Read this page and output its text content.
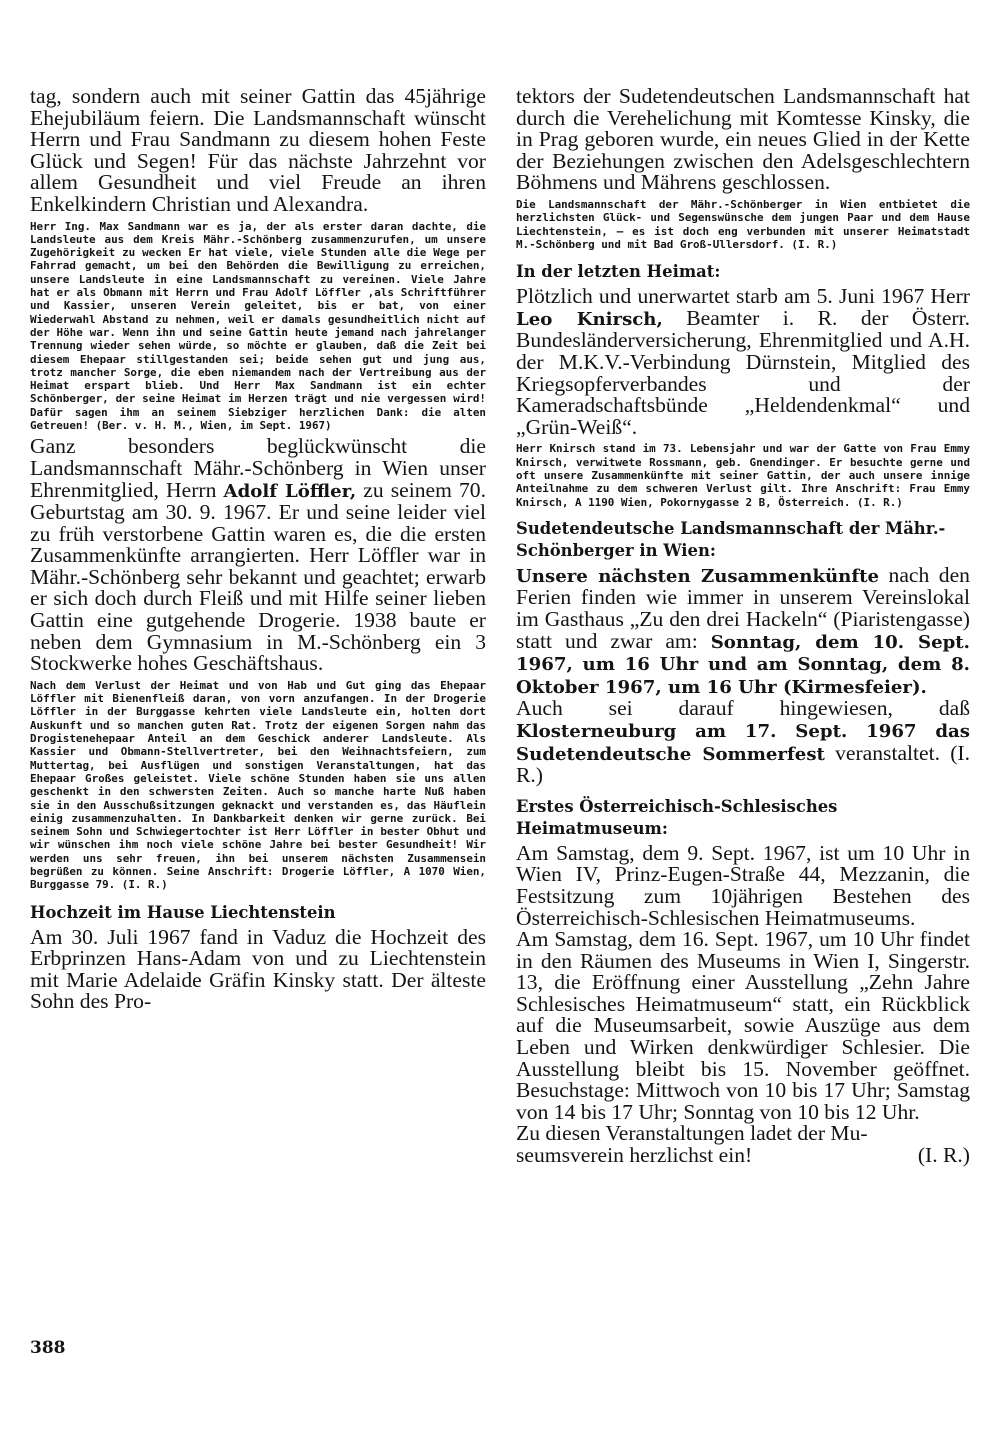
tag, sondern auch mit seiner Gattin das 45jährige Ehejubiläum feiern. Die Landsmannschaft wünscht Herrn und Frau Sandmann zu diesem hohen Feste Glück und Segen! Für das nächste Jahrzehnt vor allem Gesundheit und viel Freude an ihren Enkelkindern Christian und Alexandra.

Herr Ing. Max Sandmann war es ja, der als erster daran dachte, die Landsleute aus dem Kreis Mähr.-Schönberg zusammenzurufen, um unsere Zugehörigkeit zu wecken Er hat viele, viele Stunden alle die Wege per Fahrrad gemacht, um bei den Behörden die Bewilligung zu erreichen, unsere Landsleute in eine Landsmannschaft zu vereinen. Viele Jahre hat er als Obmann mit Herrn und Frau Adolf Löffler ,als Schriftführer und Kassier, unseren Verein geleitet, bis er bat, von einer Wiederwahl Abstand zu nehmen, weil er damals gesundheitlich nicht auf der Höhe war. Wenn ihn und seine Gattin heute jemand nach jahrelanger Trennung wieder sehen würde, so möchte er glauben, daß die Zeit bei diesem Ehepaar stillgestanden sei; beide sehen gut und jung aus, trotz mancher Sorge, die eben niemandem nach der Vertreibung aus der Heimat erspart blieb. Und Herr Max Sandmann ist ein echter Schönberger, der seine Heimat im Herzen trägt und nie vergessen wird! Dafür sagen ihm an seinem Siebziger herzlichen Dank: die alten Getreuen! (Ber. v. H. M., Wien, im Sept. 1967)

Ganz besonders beglückwünscht die Landsmannschaft Mähr.-Schönberg in Wien unser Ehrenmitglied, Herrn Adolf Löffler, zu seinem 70. Geburtstag am 30. 9. 1967. Er und seine leider viel zu früh verstorbene Gattin waren es, die die ersten Zusammenkünfte arrangierten. Herr Löffler war in Mähr.-Schönberg sehr bekannt und geachtet; erwarb er sich doch durch Fleiß und mit Hilfe seiner lieben Gattin eine gutgehende Drogerie. 1938 baute er neben dem Gymnasium in M.-Schönberg ein 3 Stockwerke hohes Geschäftshaus.

Nach dem Verlust der Heimat und von Hab und Gut ging das Ehepaar Löffler mit Bienenfleiß daran, von vorn anzufangen. In der Drogerie Löffler in der Burggasse kehrten viele Landsleute ein, holten dort Auskunft und so manchen guten Rat. Trotz der eigenen Sorgen nahm das Drogistenehepaar Anteil an dem Geschick anderer Landsleute. Als Kassier und Obmann-Stellvertreter, bei den Weihnachtsfeiern, zum Muttertag, bei Ausflügen und sonstigen Veranstaltungen, hat das Ehepaar Großes geleistet. Viele schöne Stunden haben sie uns allen geschenkt in den schwersten Zeiten. Auch so manche harte Nuß haben sie in den Ausschußsitzungen geknackt und verstanden es, das Häuflein einig zusammenzuhalten. In Dankbarkeit denken wir gerne zurück. Bei seinem Sohn und Schwiegertochter ist Herr Löffler in bester Obhut und wir wünschen ihm noch viele schöne Jahre bei bester Gesundheit! Wir werden uns sehr freuen, ihn bei unserem nächsten Zusammensein begrüßen zu können. Seine Anschrift: Drogerie Löffler, A 1070 Wien, Burggasse 79. (I. R.)

Hochzeit im Hause Liechtenstein

Am 30. Juli 1967 fand in Vaduz die Hochzeit des Erbprinzen Hans-Adam von und zu Liechtenstein mit Marie Adelaide Gräfin Kinsky statt. Der älteste Sohn des Pro-

tektors der Sudetendeutschen Landsmannschaft hat durch die Verehelichung mit Komtesse Kinsky, die in Prag geboren wurde, ein neues Glied in der Kette der Beziehungen zwischen den Adelsgeschlechtern Böhmens und Mährens geschlossen.

Die Landsmannschaft der Mähr.-Schönberger in Wien entbietet die herzlichsten Glück- und Segenswünsche dem jungen Paar und dem Hause Liechtenstein, — es ist doch eng verbunden mit unserer Heimatstadt M.-Schönberg und mit Bad Groß-Ullersdorf. (I. R.)

In der letzten Heimat:

Plötzlich und unerwartet starb am 5. Juni 1967 Herr Leo Knirsch, Beamter i. R. der Österr. Bundesländerversicherung, Ehrenmitglied und A.H. der M.K.V.-Verbindung Dürnstein, Mitglied des Kriegsopferverbandes und der Kameradschaftsbünde „Heldendenkmal“ und „Grün-Weiß“.

Herr Knirsch stand im 73. Lebensjahr und war der Gatte von Frau Emmy Knirsch, verwitwete Rossmann, geb. Gnendinger. Er besuchte gerne und oft unsere Zusammenkünfte mit seiner Gattin, der auch unsere innige Anteilnahme zu dem schweren Verlust gilt. Ihre Anschrift: Frau Emmy Knirsch, A 1190 Wien, Pokornygasse 2 B, Österreich. (I. R.)

Sudetendeutsche Landsmannschaft der Mähr.-Schönberger in Wien:

Unsere nächsten Zusammenkünfte nach den Ferien finden wie immer in unserem Vereinslokal im Gasthaus „Zu den drei Hackeln“ (Piaristengasse) statt und zwar am: Sonntag, dem 10. Sept. 1967, um 16 Uhr und am Sonntag, dem 8. Oktober 1967, um 16 Uhr (Kirmesfeier).

Auch sei darauf hingewiesen, daß Klosterneuburg am 17. Sept. 1967 das Sudetendeutsche Sommerfest veranstaltet. (I. R.)

Erstes Österreichisch-Schlesisches Heimatmuseum:

Am Samstag, dem 9. Sept. 1967, ist um 10 Uhr in Wien IV, Prinz-Eugen-Straße 44, Mezzanin, die Festsitzung zum 10jährigen Bestehen des Österreichisch-Schlesischen Heimatmuseums.

Am Samstag, dem 16. Sept. 1967, um 10 Uhr findet in den Räumen des Museums in Wien I, Singerstr. 13, die Eröffnung einer Ausstellung „Zehn Jahre Schlesisches Heimatmuseum“ statt, ein Rückblick auf die Museumsarbeit, sowie Auszüge aus dem Leben und Wirken denkwürdiger Schlesier. Die Ausstellung bleibt bis 15. November geöffnet. Besuchstage: Mittwoch von 10 bis 17 Uhr; Samstag von 14 bis 17 Uhr; Sonntag von 10 bis 12 Uhr.

Zu diesen Veranstaltungen ladet der Mu-

seumsverein herzlichst ein!	(I. R.)
388
